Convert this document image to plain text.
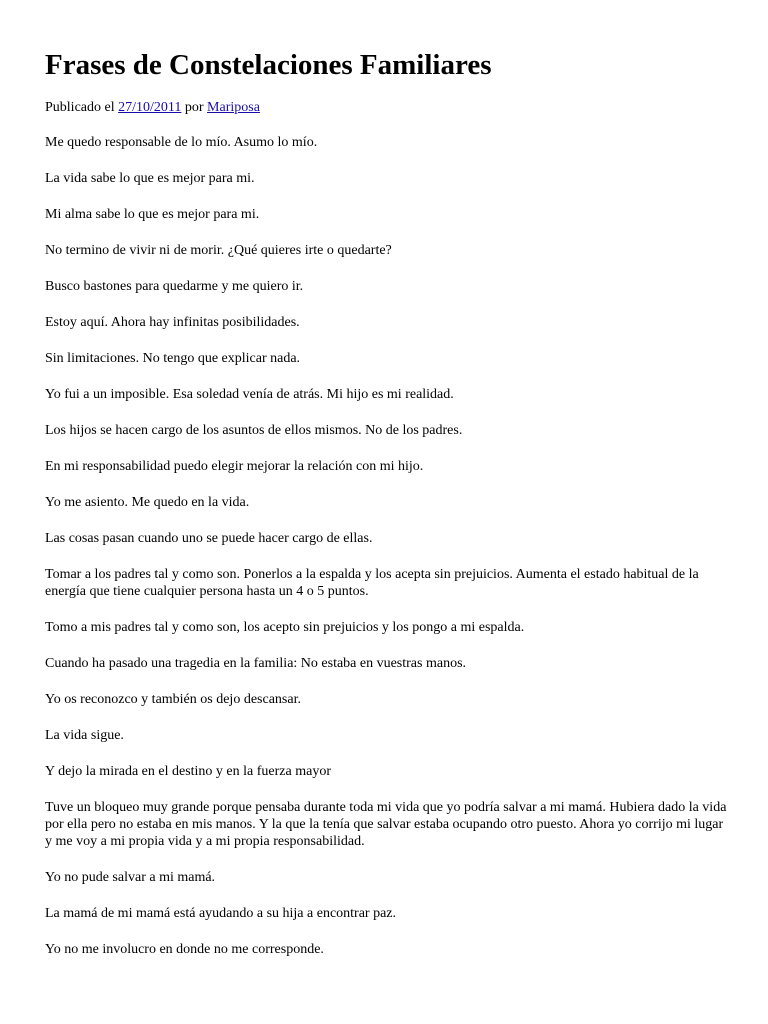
Frases de Constelaciones Familiares
Publicado el 27/10/2011 por Mariposa

Me quedo responsable de lo mío. Asumo lo mío.

La vida sabe lo que es mejor para mi.

Mi alma sabe lo que es mejor para mi.

No termino de vivir ni de morir. ¿Qué quieres irte o quedarte?

Busco bastones para quedarme y me quiero ir.

Estoy aquí. Ahora hay infinitas posibilidades.

Sin limitaciones. No tengo que explicar nada.

Yo fui a un imposible. Esa soledad venía de atrás. Mi hijo es mi realidad.

Los hijos se hacen cargo de los asuntos de ellos mismos. No de los padres.

En mi responsabilidad puedo elegir mejorar la relación con mi hijo.

Yo me asiento. Me quedo en la vida.

Las cosas pasan cuando uno se puede hacer cargo de ellas.

Tomar a los padres tal y como son. Ponerlos a la espalda y los acepta sin prejuicios. Aumenta el estado habitual de la energía que tiene cualquier persona hasta un 4 o 5 puntos.

Tomo a mis padres tal y como son, los acepto sin prejuicios y los pongo a mi espalda.

Cuando ha pasado una tragedia en la familia: No estaba en vuestras manos.

Yo os reconozco y también os dejo descansar.

La vida sigue.

Y dejo la mirada en el destino y en la fuerza mayor

Tuve un bloqueo muy grande porque pensaba durante toda mi vida que yo podría salvar a mi mamá. Hubiera dado la vida por ella pero no estaba en mis manos. Y la que la tenía que salvar estaba ocupando otro puesto. Ahora yo corrijo mi lugar y me voy a mi propia vida y a mi propia responsabilidad.

Yo no pude salvar a mi mamá.

La mamá de mi mamá está ayudando a su hija a encontrar paz.

Yo no me involucro en donde no me corresponde.
